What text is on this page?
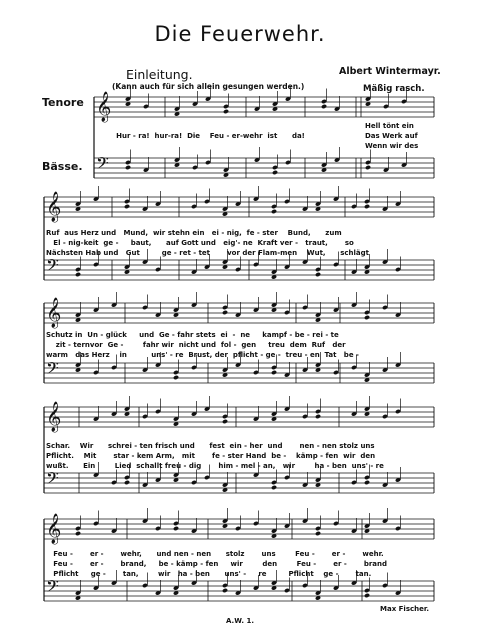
Die Feuerwehr.
Einleitung.
(Kann auch für sich allein gesungen werden.)
Albert Wintermayr.
Mäßig rasch.
Tenore
Bässe.
Hur - ra!  hur-ra!  Die    Feu - er-wehr  ist      da!
Hell tönt ein
Das Werk auf
Wenn wir des
Ruf  aus Herz und   Mund,  wir stehn ein   ei - nig,  fe - ster    Bund,      zum
El - nig-keit  ge -     baut,      auf Gott und   eig'- ne  Kraft ver -   traut,       so
Nächsten Hab und   Gut         ge - ret - tet       vor der Flam-men    Wut,      schlägt
Schutz in  Un - glück     und  Ge - fahr stets  ei  -  ne     kampf - be - rei - te
zit - ternvor  Ge -        fahr wir  nicht und  fol -  gen     treu  dem  Ruf   der
warm   das Herz    in          uns' - re  Brust, der  pflicht - ge -  treu - en  Tat   be -
Schar.    Wir      schrei - ten frisch und      fest  ein - her  und       nen - nen stolz uns
Pflicht.    Mit       star - kem Arm,   mit       fe - ster Hand  be -    kämp - fen  wir  den
wußt.      Ein        Lied  schallt freu - dig       him - mel - an,   wir        ha - ben  uns' - re
Feu -       er -       wehr,      und nen - nen      stolz       uns        Feu -       er -       wehr.
Feu -       er -       brand,     be - kämp - fen     wir        den        Feu -       er -       brand
Pflicht     ge -       tan,        wir   ha - ben      uns' -     re         Pflicht    ge -       tan.
Max Fischer.
A.W. 1.
𝄞
𝄢
𝄞
𝄢
𝄞
𝄢
𝄞
𝄢
𝄞
𝄢
